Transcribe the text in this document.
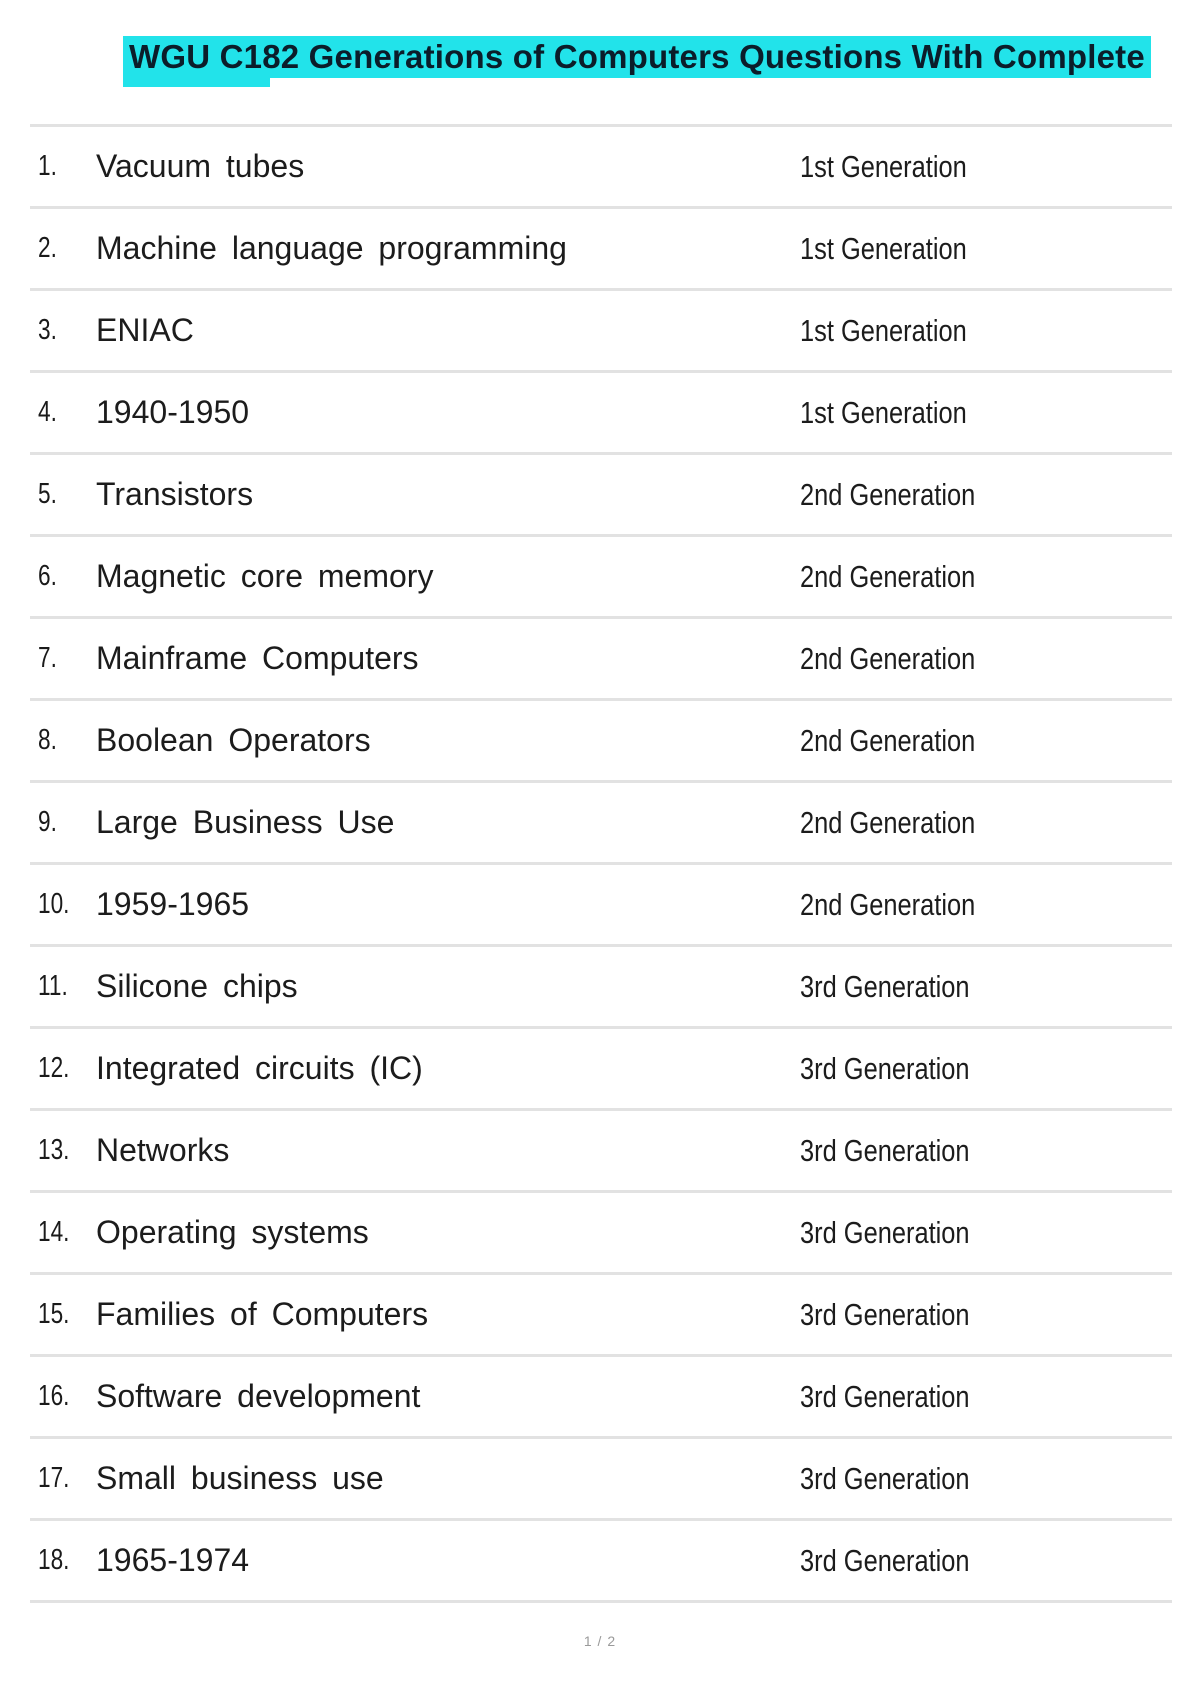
WGU C182 Generations of Computers Questions With Complete
1. Vacuum tubes	1st Generation
2. Machine language programming	1st Generation
3. ENIAC	1st Generation
4. 1940-1950	1st Generation
5. Transistors	2nd Generation
6. Magnetic core memory	2nd Generation
7. Mainframe Computers	2nd Generation
8. Boolean Operators	2nd Generation
9. Large Business Use	2nd Generation
10. 1959-1965	2nd Generation
11. Silicone chips	3rd Generation
12. Integrated circuits (IC)	3rd Generation
13. Networks	3rd Generation
14. Operating systems	3rd Generation
15. Families of Computers	3rd Generation
16. Software development	3rd Generation
17. Small business use	3rd Generation
18. 1965-1974	3rd Generation
1 / 2
